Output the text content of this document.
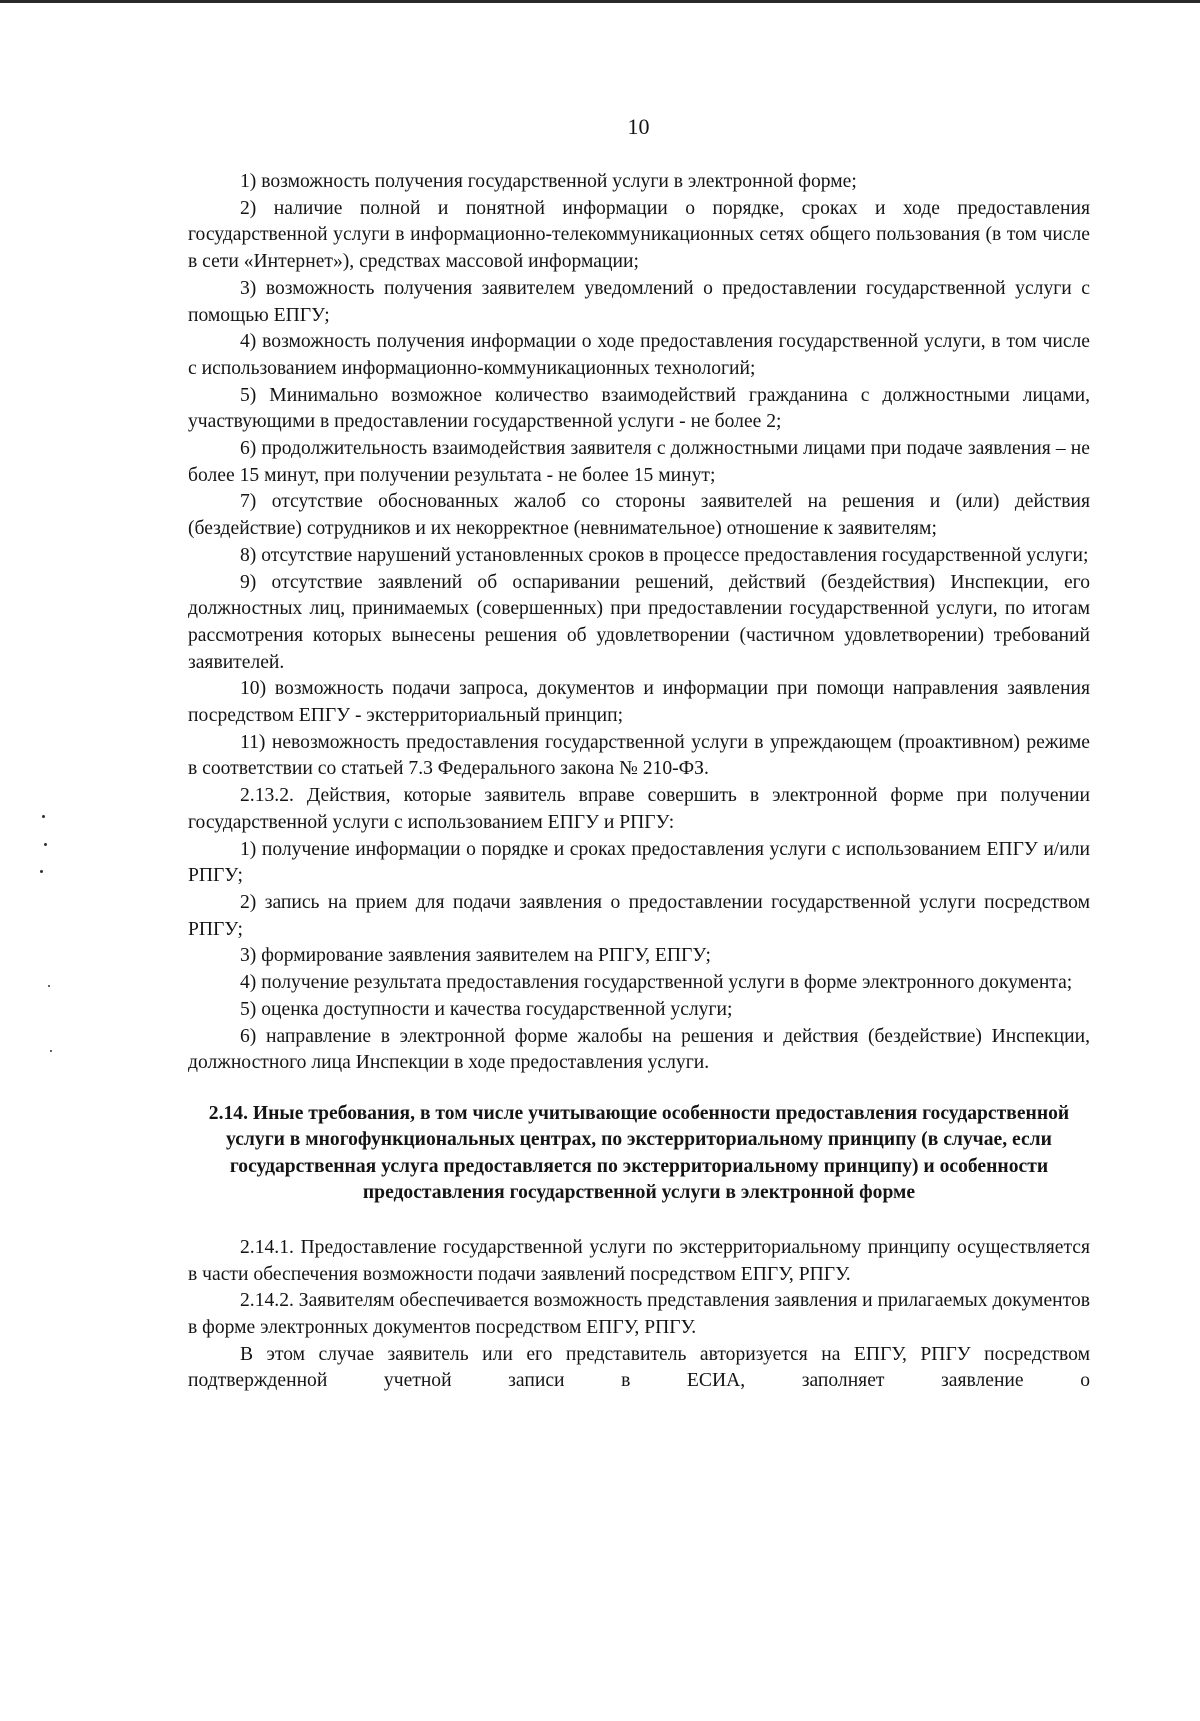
10

1) возможность получения государственной услуги в электронной форме;

2) наличие полной и понятной информации о порядке, сроках и ходе предоставления государственной услуги в информационно-телекоммуникационных сетях общего пользования (в том числе в сети «Интернет»), средствах массовой информации;

3) возможность получения заявителем уведомлений о предоставлении государственной услуги с помощью ЕПГУ;

4) возможность получения информации о ходе предоставления государственной услуги, в том числе с использованием информационно-коммуникационных технологий;

5) Минимально возможное количество взаимодействий гражданина с должностными лицами, участвующими в предоставлении государственной услуги - не более 2;

6) продолжительность взаимодействия заявителя с должностными лицами при подаче заявления – не более 15 минут, при получении результата - не более 15 минут;

7) отсутствие обоснованных жалоб со стороны заявителей на решения и (или) действия (бездействие) сотрудников и их некорректное (невнимательное) отношение к заявителям;

8) отсутствие нарушений установленных сроков в процессе предоставления государственной услуги;

9) отсутствие заявлений об оспаривании решений, действий (бездействия) Инспекции, его должностных лиц, принимаемых (совершенных) при предоставлении государственной услуги, по итогам рассмотрения которых вынесены решения об удовлетворении (частичном удовлетворении) требований заявителей.

10) возможность подачи запроса, документов и информации при помощи направления заявления посредством ЕПГУ - экстерриториальный принцип;

11) невозможность предоставления государственной услуги в упреждающем (проактивном) режиме в соответствии со статьей 7.3 Федерального закона № 210-ФЗ.

2.13.2. Действия, которые заявитель вправе совершить в электронной форме при получении государственной услуги с использованием ЕПГУ и РПГУ:

1) получение информации о порядке и сроках предоставления услуги с использованием ЕПГУ и/или РПГУ;

2) запись на прием для подачи заявления о предоставлении государственной услуги посредством РПГУ;

3) формирование заявления заявителем на РПГУ, ЕПГУ;

4) получение результата предоставления государственной услуги в форме электронного документа;

5) оценка доступности и качества государственной услуги;

6) направление в электронной форме жалобы на решения и действия (бездействие) Инспекции, должностного лица Инспекции в ходе предоставления услуги.

2.14. Иные требования, в том числе учитывающие особенности предоставления государственной услуги в многофункциональных центрах, по экстерриториальному принципу (в случае, если государственная услуга предоставляется по экстерриториальному принципу) и особенности предоставления государственной услуги в электронной форме

2.14.1. Предоставление государственной услуги по экстерриториальному принципу осуществляется в части обеспечения возможности подачи заявлений посредством ЕПГУ, РПГУ.

2.14.2. Заявителям обеспечивается возможность представления заявления и прилагаемых документов в форме электронных документов посредством ЕПГУ, РПГУ.

В этом случае заявитель или его представитель авторизуется на ЕПГУ, РПГУ посредством подтвержденной учетной записи в ЕСИА, заполняет заявление о
